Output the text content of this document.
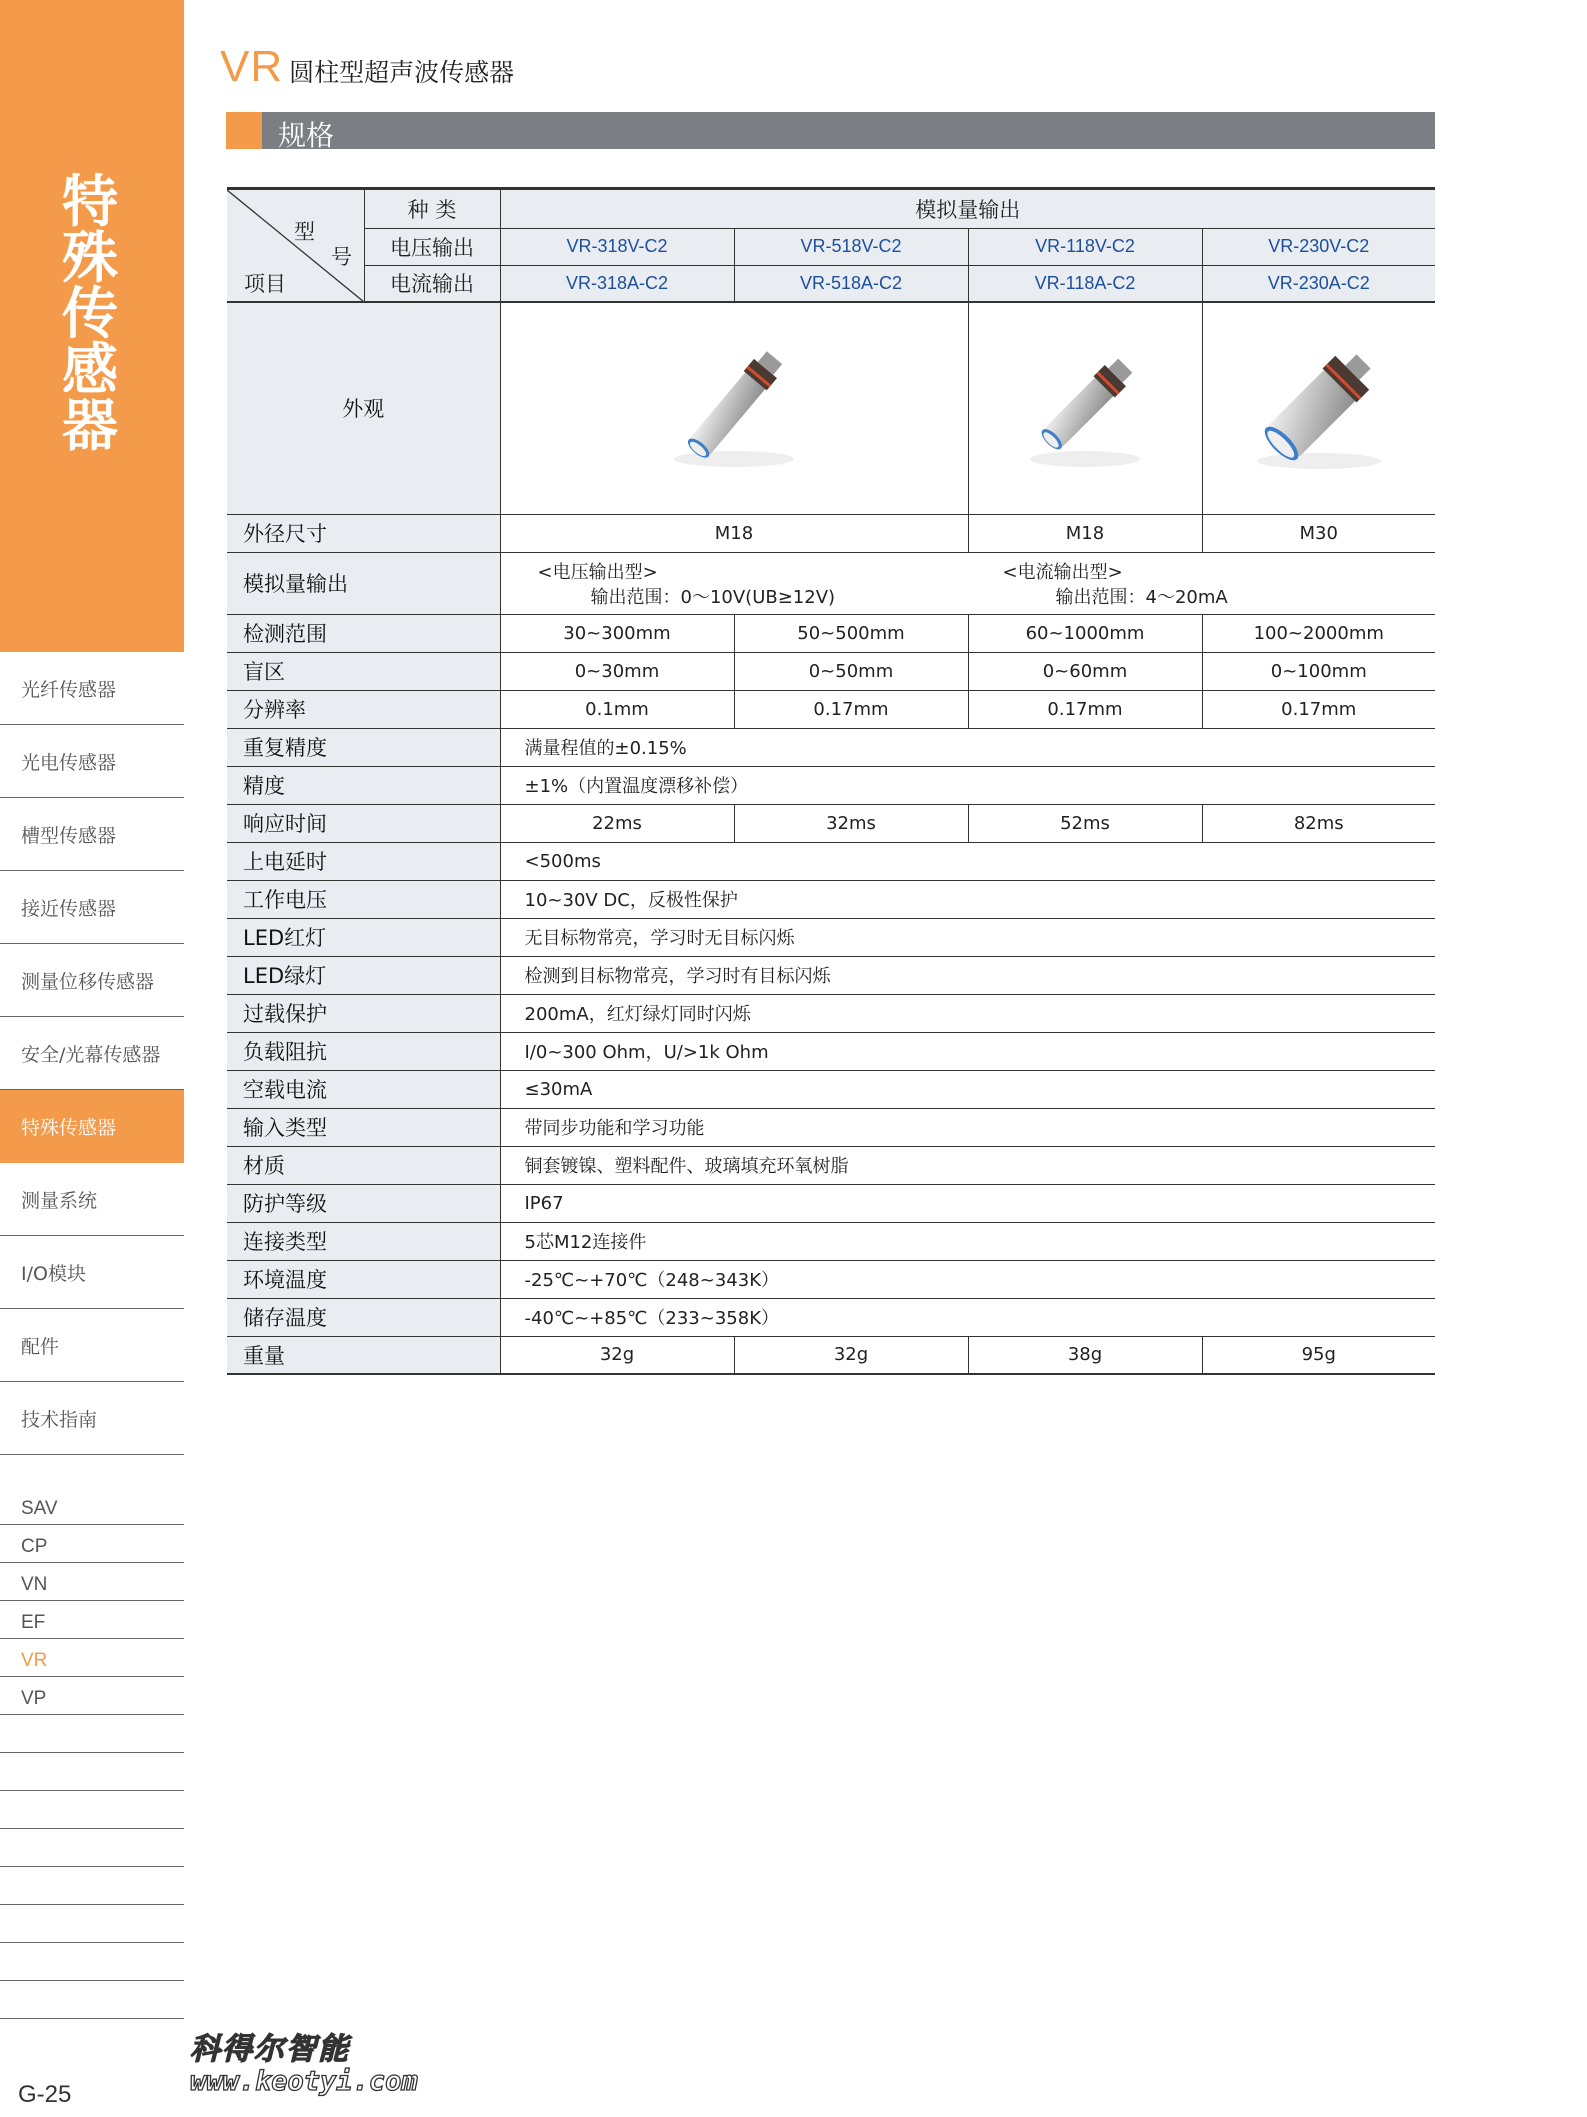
特殊传感器
光纤传感器
光电传感器
槽型传感器
接近传感器
测量位移传感器
安全/光幕传感器
特殊传感器
测量系统
I/O模块
配件
技术指南
SAV
CP
VN
EF
VR
VP
G-25
VR 圆柱型超声波传感器
规格
型
号
项目	种 类	模拟量输出			
	电压输出	VR-318V-C2	VR-518V-C2	VR-118V-C2	VR-230V-C2
	电流输出	VR-318A-C2	VR-518A-C2	VR-118A-C2	VR-230A-C2
外观			
外径尺寸		M18		M18	M30
模拟量输出		<电压输出型>
输出范围：0～10V(UB≥12V)
<电流输出型>
输出范围：4～20mA			

检测范围		30~300mm	50~500mm	60~1000mm	100~2000mm
盲区		0~30mm	0~50mm	0~60mm	0~100mm
分辨率		0.1mm	0.17mm	0.17mm	0.17mm
重复精度		满量程值的±0.15%			
精度		±1%（内置温度漂移补偿）			
响应时间		22ms	32ms	52ms	82ms
上电延时		<500ms			
工作电压		10~30V DC，反极性保护			
LED红灯		无目标物常亮，学习时无目标闪烁			
LED绿灯		检测到目标物常亮，学习时有目标闪烁			
过载保护		200mA，红灯绿灯同时闪烁			
负载阻抗		I/0~300 Ohm，U/>1k Ohm			
空载电流		≤30mA			
输入类型		带同步功能和学习功能			
材质		铜套镀镍、塑料配件、玻璃填充环氧树脂			
防护等级		IP67			
连接类型		5芯M12连接件			
环境温度		-25℃~+70℃（248~343K）			
储存温度		-40℃~+85℃（233~358K）			
重量		32g	32g	38g	95g
科得尔智能
www.keotyi.com
